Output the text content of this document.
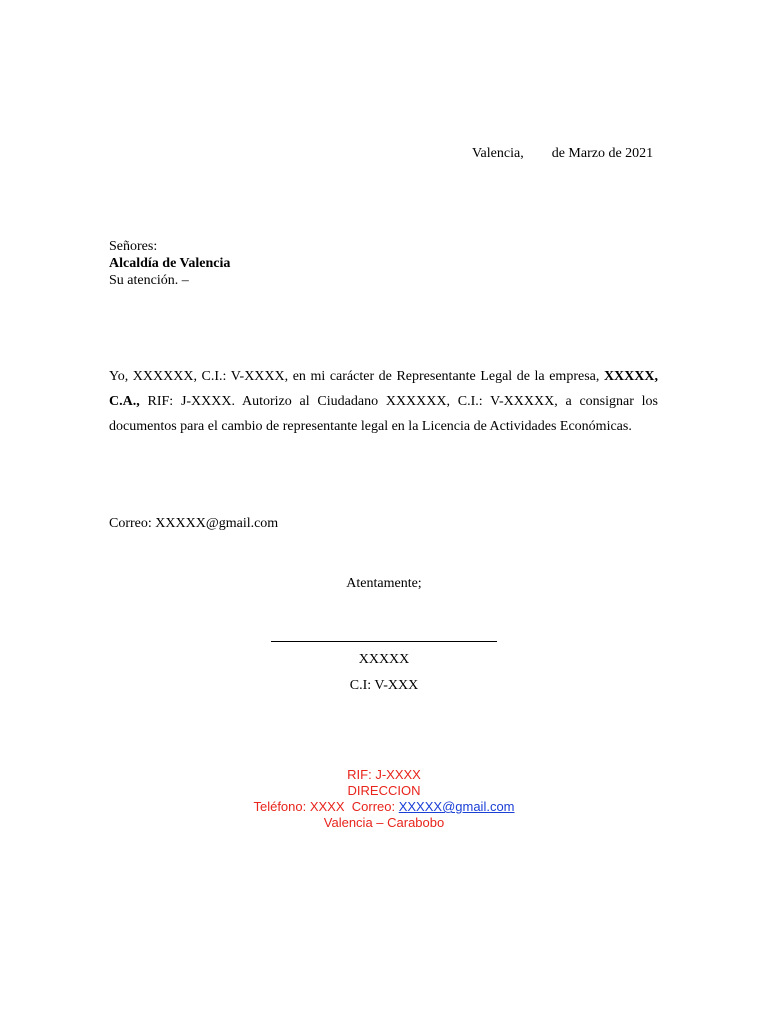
Valencia, de Marzo de 2021
Señores:
Alcaldía de Valencia
Su atención. –
Yo, XXXXXX, C.I.: V-XXXX, en mi carácter de Representante Legal de la empresa, XXXXX, C.A., RIF: J-XXXX. Autorizo al Ciudadano XXXXXX, C.I.: V-XXXXX, a consignar los documentos para el cambio de representante legal en la Licencia de Actividades Económicas.
Correo: XXXXX@gmail.com
Atentamente;
XXXXX
C.I: V-XXX
RIF: J-XXXX
DIRECCION
Teléfono: XXXX  Correo: XXXXX@gmail.com
Valencia – Carabobo
